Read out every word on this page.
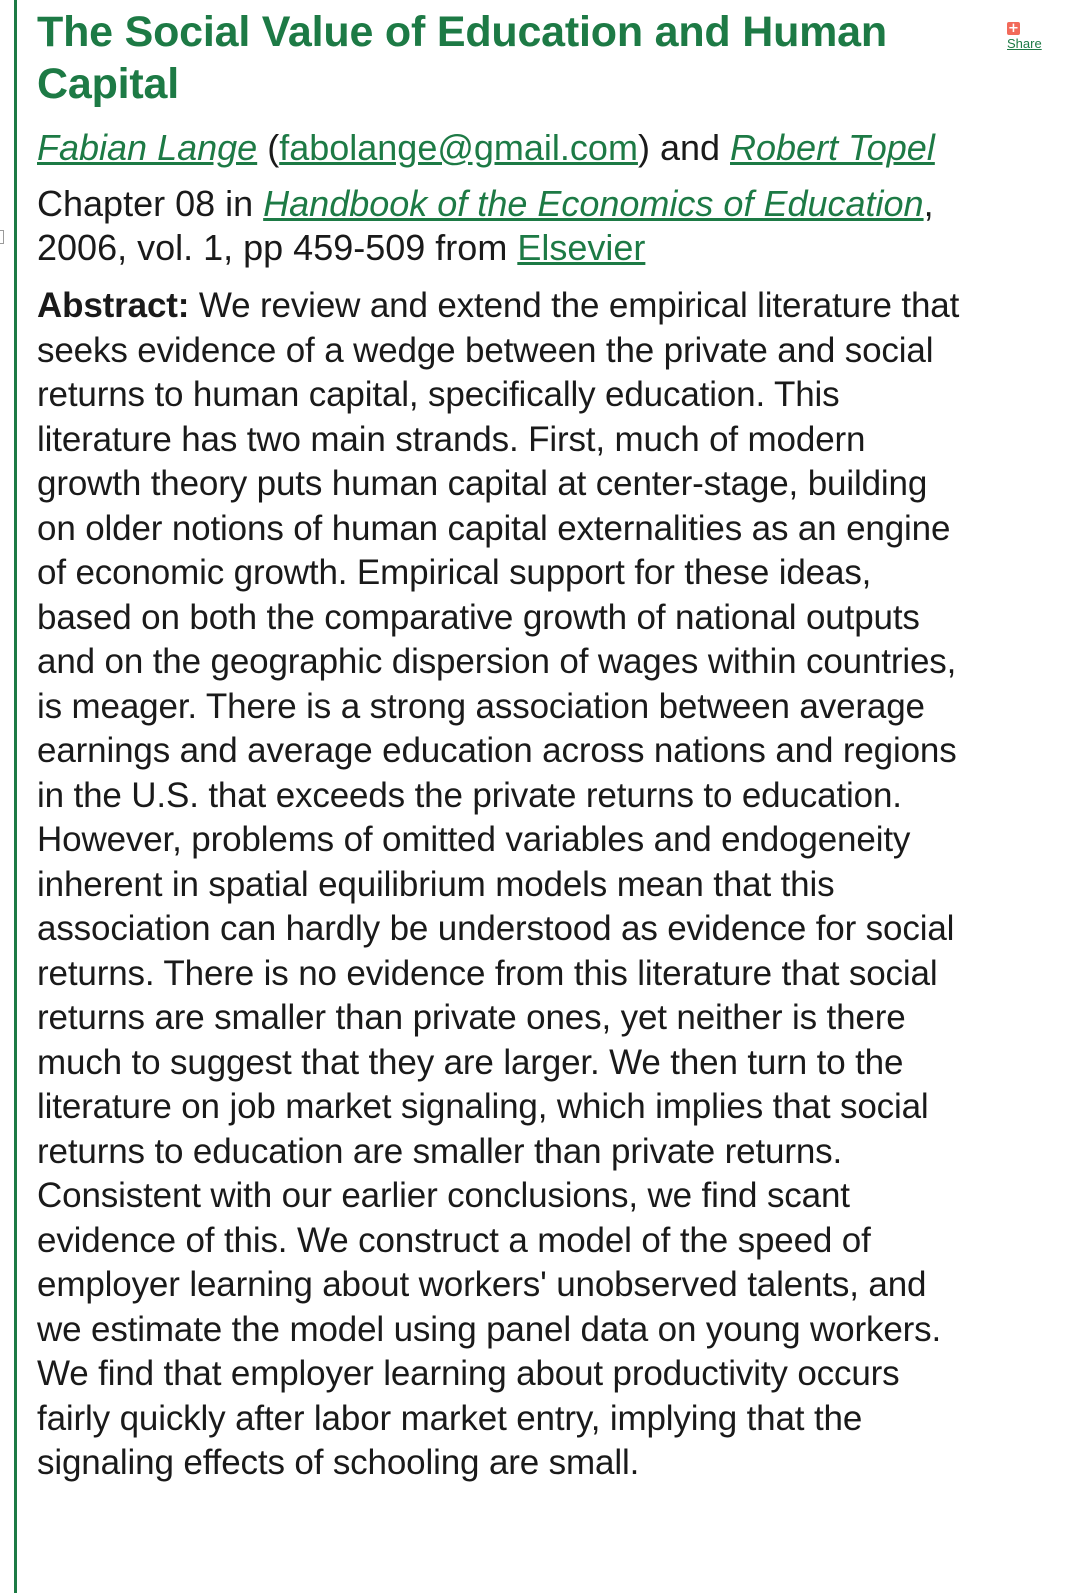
The Social Value of Education and Human Capital
Fabian Lange (fabolange@gmail.com) and Robert Topel
Chapter 08 in Handbook of the Economics of Education, 2006, vol. 1, pp 459-509 from Elsevier
Abstract: We review and extend the empirical literature that seeks evidence of a wedge between the private and social returns to human capital, specifically education. This literature has two main strands. First, much of modern growth theory puts human capital at center-stage, building on older notions of human capital externalities as an engine of economic growth. Empirical support for these ideas, based on both the comparative growth of national outputs and on the geographic dispersion of wages within countries, is meager. There is a strong association between average earnings and average education across nations and regions in the U.S. that exceeds the private returns to education. However, problems of omitted variables and endogeneity inherent in spatial equilibrium models mean that this association can hardly be understood as evidence for social returns. There is no evidence from this literature that social returns are smaller than private ones, yet neither is there much to suggest that they are larger. We then turn to the literature on job market signaling, which implies that social returns to education are smaller than private returns. Consistent with our earlier conclusions, we find scant evidence of this. We construct a model of the speed of employer learning about workers' unobserved talents, and we estimate the model using panel data on young workers. We find that employer learning about productivity occurs fairly quickly after labor market entry, implying that the signaling effects of schooling are small.
+
Share
